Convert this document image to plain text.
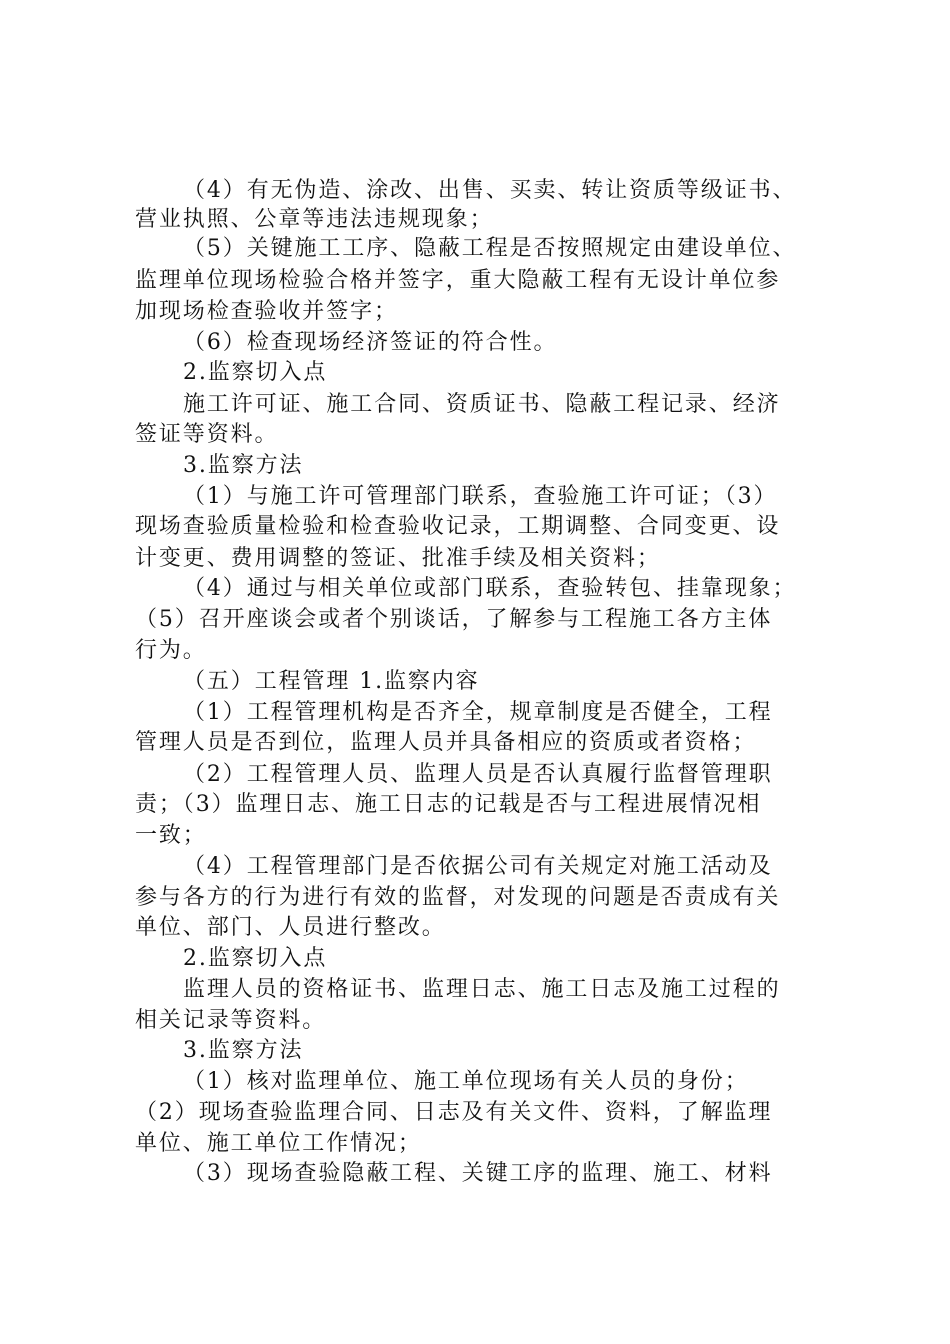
（4）有无伪造、涂改、出售、买卖、转让资质等级证书、
营业执照、公章等违法违规现象；
（5）关键施工工序、隐蔽工程是否按照规定由建设单位、
监理单位现场检验合格并签字，重大隐蔽工程有无设计单位参
加现场检查验收并签字；
（6）检查现场经济签证的符合性。
2.监察切入点
施工许可证、施工合同、资质证书、隐蔽工程记录、经济
签证等资料。
3.监察方法
（1）与施工许可管理部门联系，查验施工许可证；（3）
现场查验质量检验和检查验收记录，工期调整、合同变更、设
计变更、费用调整的签证、批准手续及相关资料；
（4）通过与相关单位或部门联系，查验转包、挂靠现象；
（5）召开座谈会或者个别谈话，了解参与工程施工各方主体
行为。
（五）工程管理 1.监察内容
（1）工程管理机构是否齐全，规章制度是否健全，工程
管理人员是否到位，监理人员并具备相应的资质或者资格；
（2）工程管理人员、监理人员是否认真履行监督管理职
责；（3）监理日志、施工日志的记载是否与工程进展情况相
一致；
（4）工程管理部门是否依据公司有关规定对施工活动及
参与各方的行为进行有效的监督，对发现的问题是否责成有关
单位、部门、人员进行整改。
2.监察切入点
监理人员的资格证书、监理日志、施工日志及施工过程的
相关记录等资料。
3.监察方法
（1）核对监理单位、施工单位现场有关人员的身份；
（2）现场查验监理合同、日志及有关文件、资料，了解监理
单位、施工单位工作情况；
（3）现场查验隐蔽工程、关键工序的监理、施工、材料
